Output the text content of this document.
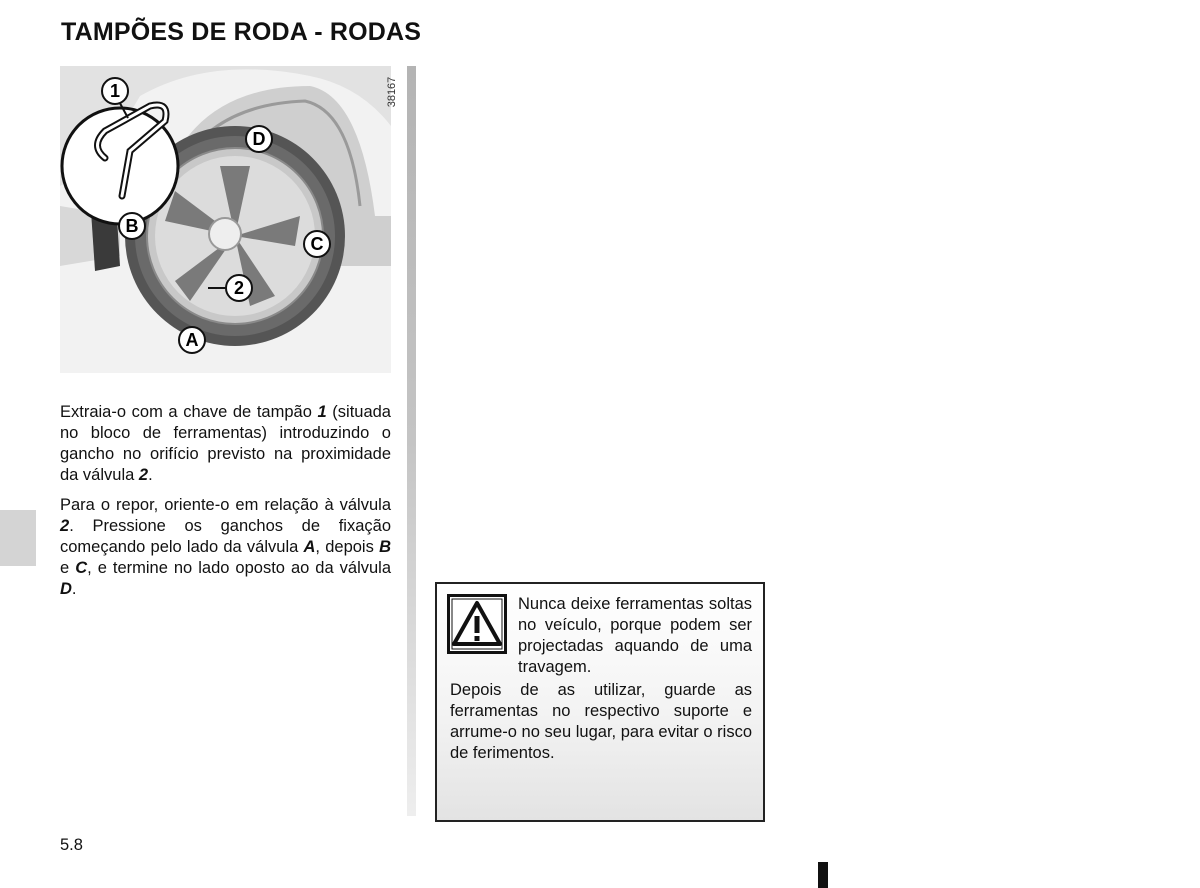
TAMPÕES DE RODA - RODAS
1
2
A
B
C
D
38167

Extraia-o com a chave de tampão 1 (situada no bloco de ferramentas) introduzindo o gancho no orifício previsto na proximidade da válvula 2.

Para o repor, oriente-o em relação à válvula 2. Pressione os ganchos de fixação começando pelo lado da válvula A, depois B e C, e termine no lado oposto ao da válvula D.

Nunca deixe ferramentas soltas no veículo, porque podem ser projectadas aquando de uma travagem.
Depois de as utilizar, guarde as ferramentas no respectivo suporte e arrume-o no seu lugar, para evitar o risco de ferimentos.
5.8
